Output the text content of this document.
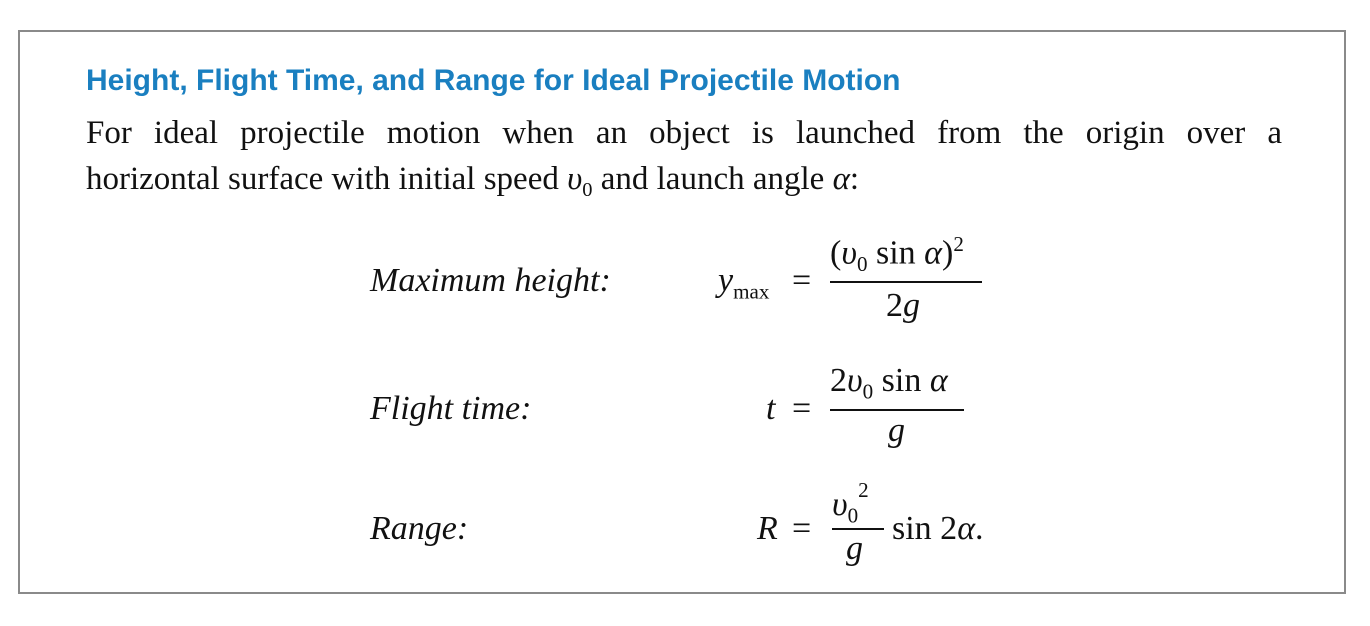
Height, Flight Time, and Range for Ideal Projectile Motion
For ideal projectile motion when an object is launched from the origin over a
horizontal surface with initial speed $\upsilon_0$ and launch angle α:
Maximum height:	$y_{max}$ =
($\upsilon_0$ sin α)$^2$
2g
Flight time:	t =
$2\upsilon_0$ sin α
g
Range:	R =
$\upsilon_0^2$
g
sin 2α.
